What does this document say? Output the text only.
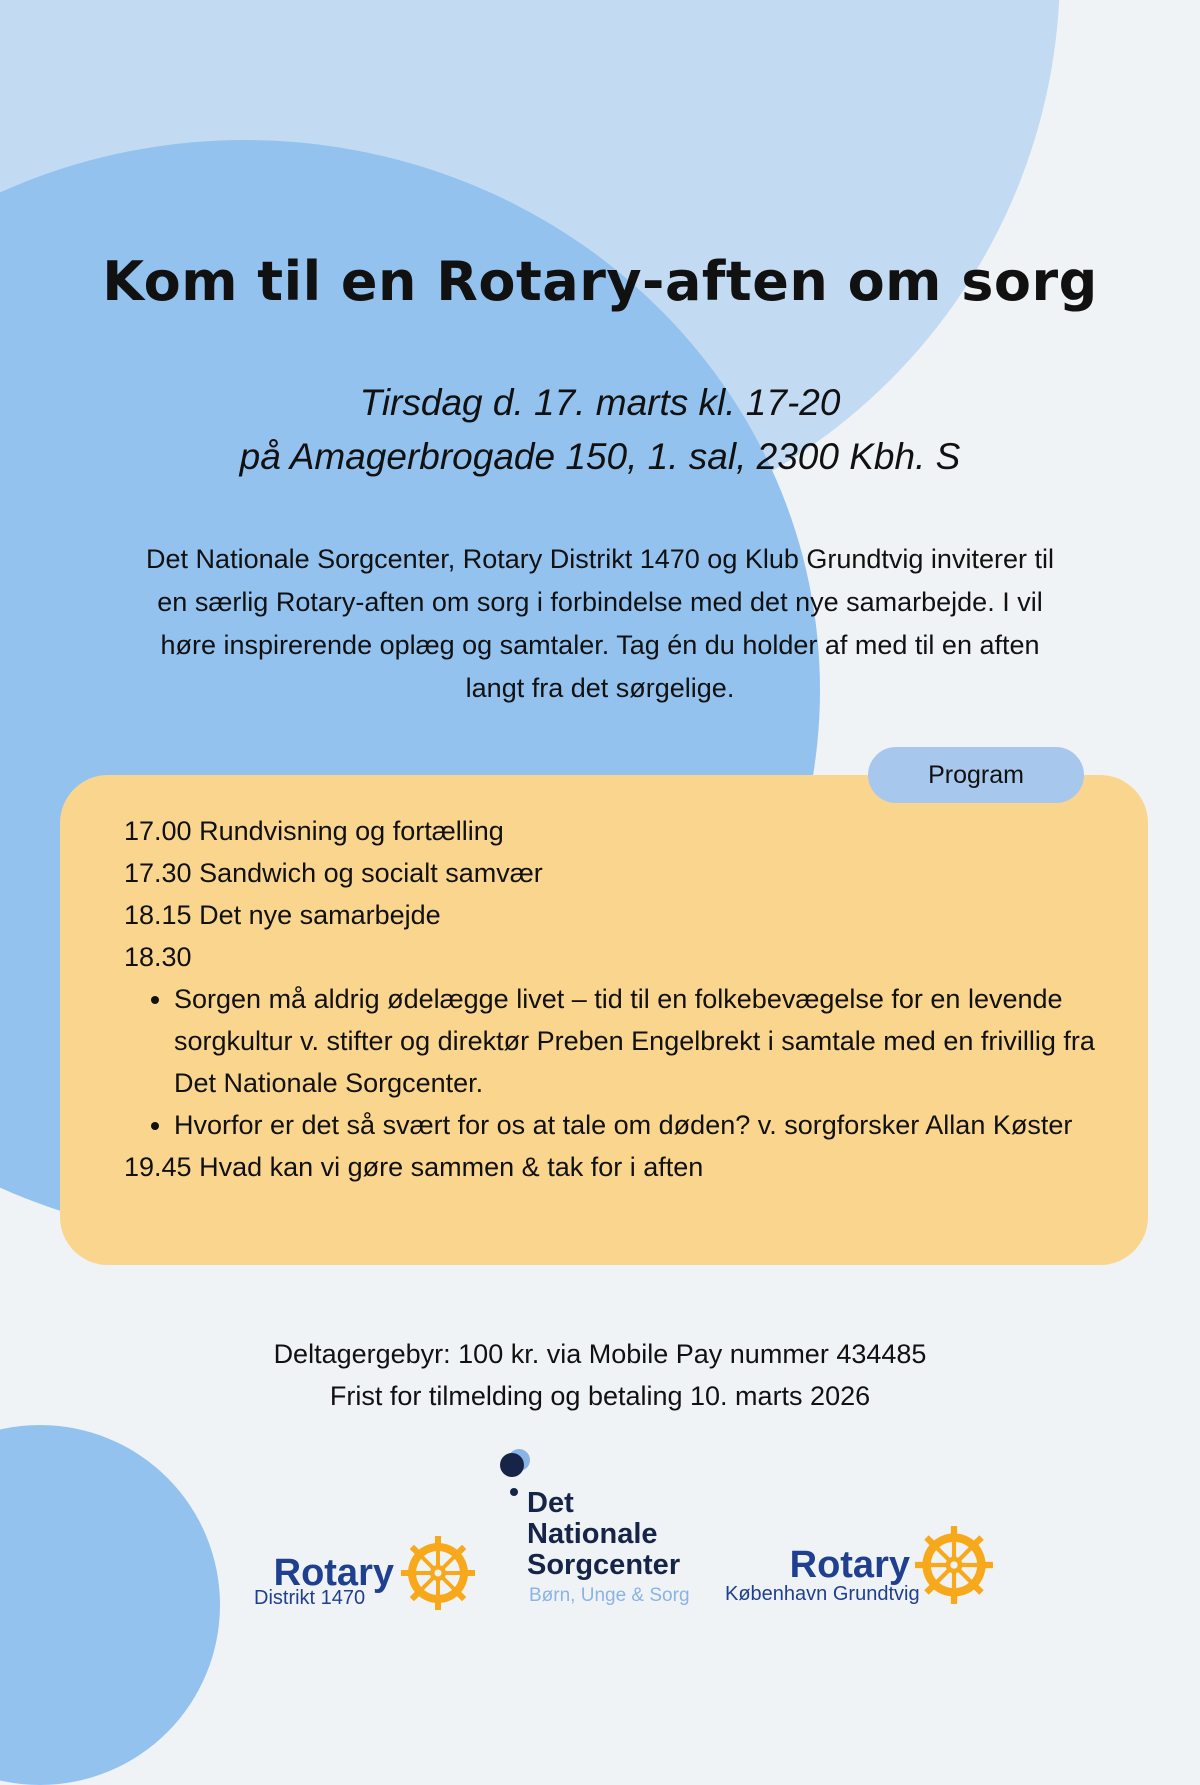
Kom til en Rotary-aften om sorg
Tirsdag d. 17. marts kl. 17-20
på Amagerbrogade 150, 1. sal, 2300 Kbh. S
Det Nationale Sorgcenter, Rotary Distrikt 1470 og Klub Grundtvig inviterer til en særlig Rotary-aften om sorg i forbindelse med det nye samarbejde. I vil høre inspirerende oplæg og samtaler. Tag én du holder af med til en aften langt fra det sørgelige.
Program

17.00 Rundvisning og fortælling

17.30 Sandwich og socialt samvær

18.15 Det nye samarbejde

18.30

• Sorgen må aldrig ødelægge livet – tid til en folkebevægelse for en levende sorgkultur v. stifter og direktør Preben Engelbrekt i samtale med en frivillig fra Det Nationale Sorgcenter.
• Hvorfor er det så svært for os at tale om døden? v. sorgforsker Allan Køster

19.45 Hvad kan vi gøre sammen & tak for i aften

Deltagergebyr: 100 kr. via Mobile Pay nummer 434485
Frist for tilmelding og betaling 10. marts 2026
Rotary
Distrikt 1470
Det
Nationale
Sorgcenter
Børn, Unge & Sorg
Rotary
København Grundtvig
